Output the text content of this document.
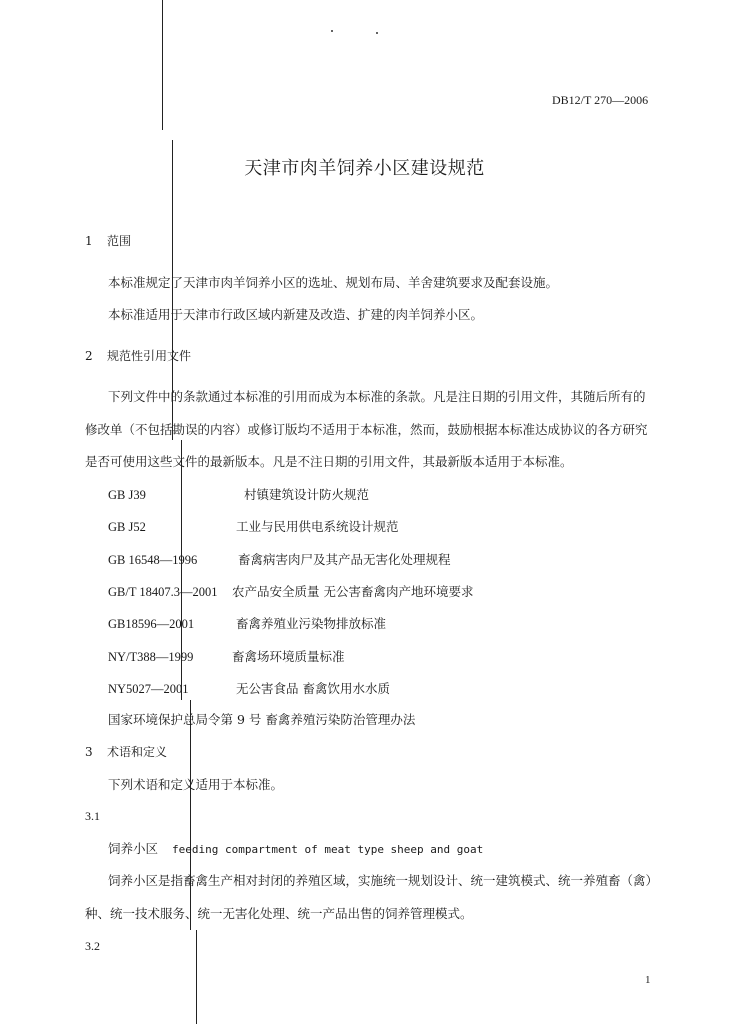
DB12/T 270—2006
天津市肉羊饲养小区建设规范
1 范围
本标准规定了天津市肉羊饲养小区的选址、规划布局、羊舍建筑要求及配套设施。
本标准适用于天津市行政区域内新建及改造、扩建的肉羊饲养小区。
2 规范性引用文件
下列文件中的条款通过本标准的引用而成为本标准的条款。凡是注日期的引用文件，其随后所有的
修改单（不包括勘误的内容）或修订版均不适用于本标准，然而，鼓励根据本标准达成协议的各方研究
是否可使用这些文件的最新版本。凡是不注日期的引用文件，其最新版本适用于本标准。
GB J39	村镇建筑设计防火规范
GB J52	工业与民用供电系统设计规范
GB 16548—1996	畜禽病害肉尸及其产品无害化处理规程
GB/T 18407.3—2001 农产品安全质量 无公害畜禽肉产地环境要求
GB18596—2001	畜禽养殖业污染物排放标准
NY/T388—1999	畜禽场环境质量标准
NY5027—2001	无公害食品 畜禽饮用水水质
国家环境保护总局令第 9 号 畜禽养殖污染防治管理办法
3 术语和定义
下列术语和定义适用于本标准。
3.1
饲养小区 feeding compartment of meat type sheep and goat
饲养小区是指畜禽生产相对封闭的养殖区域，实施统一规划设计、统一建筑模式、统一养殖畜（禽）
种、统一技术服务、统一无害化处理、统一产品出售的饲养管理模式。
3.2
1
